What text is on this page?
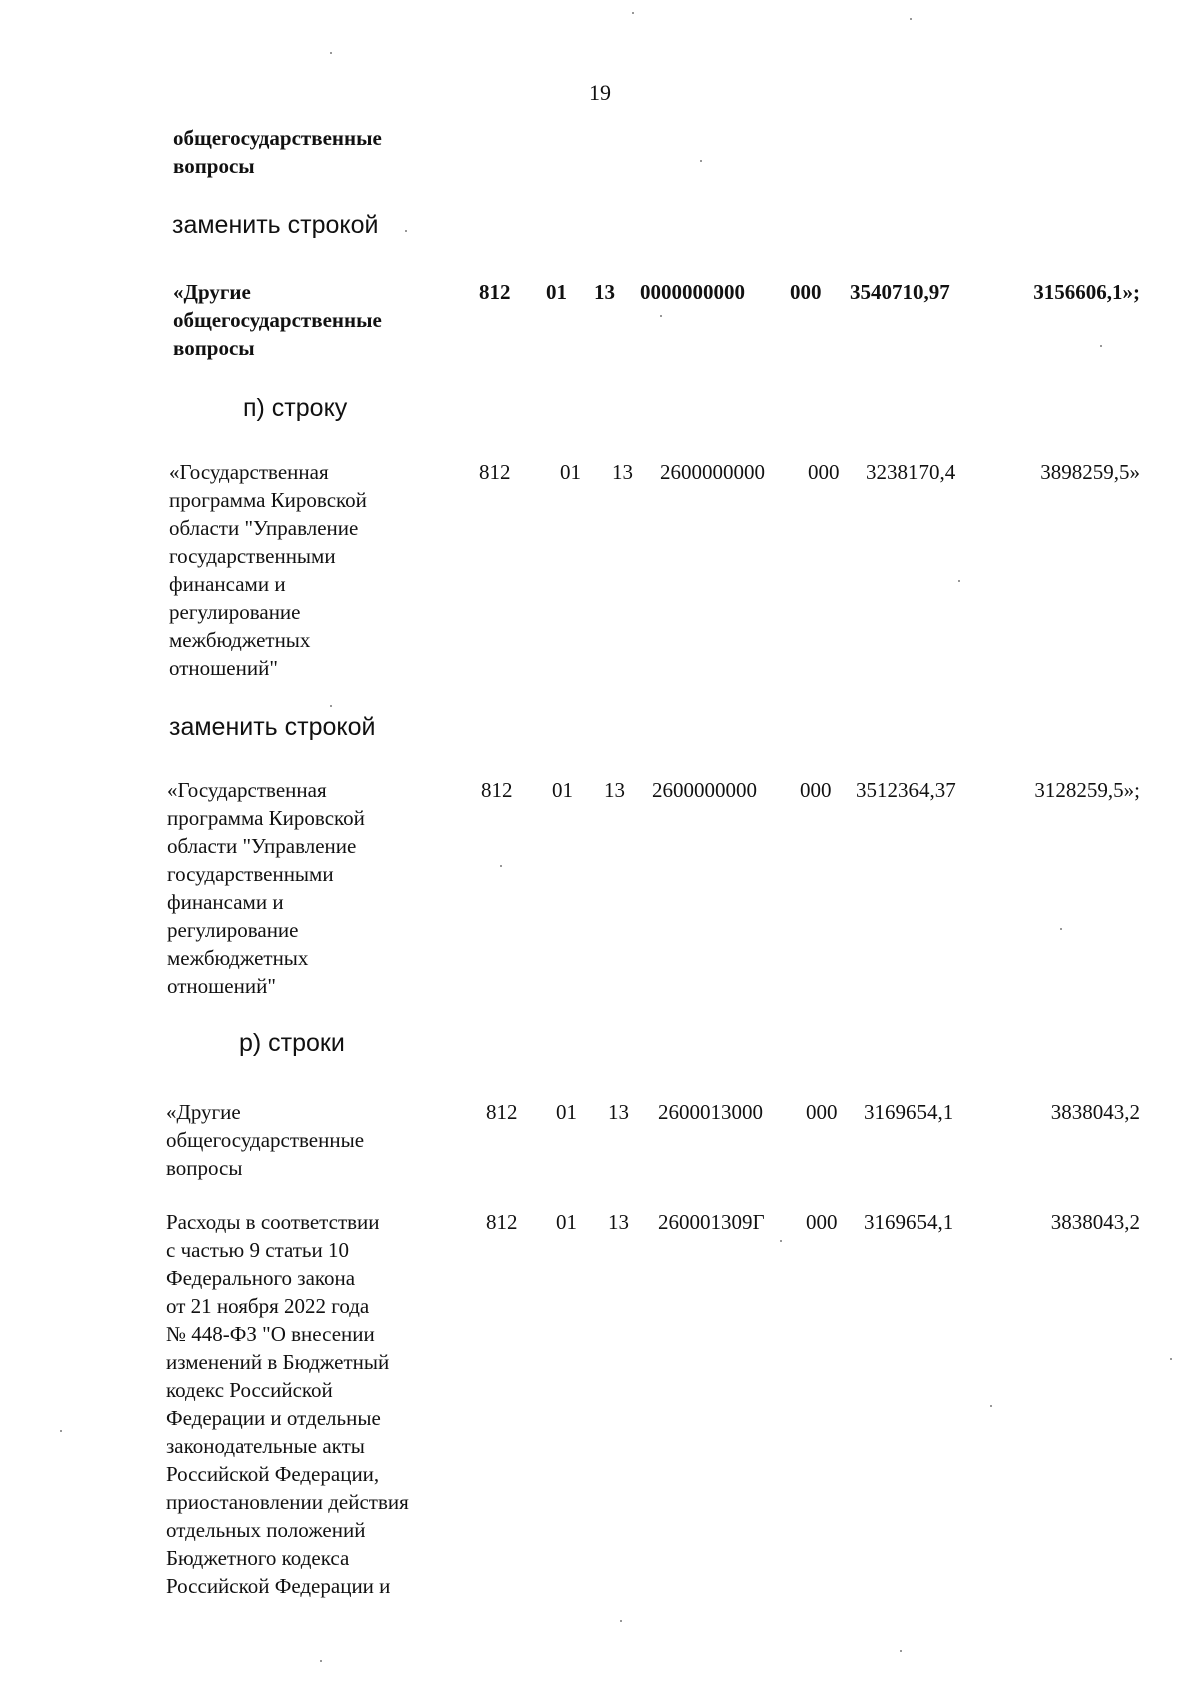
19
общегосударственные
вопросы
заменить строкой
«Другие
общегосударственные
вопросы
812 01 13 0000000000 000 3540710,97	3156606,1»;
п) строку
«Государственная
программа Кировской
области "Управление
государственными
финансами и
регулирование
межбюджетных
отношений"
812 01 13 2600000000 000 3238170,4	3898259,5»
заменить строкой
«Государственная
программа Кировской
области "Управление
государственными
финансами и
регулирование
межбюджетных
отношений"
812 01 13 2600000000 000 3512364,37	3128259,5»;
р) строки
«Другие
общегосударственные
вопросы
812 01 13 2600013000 000 3169654,1	3838043,2
Расходы в соответствии
с частью 9 статьи 10
Федерального закона
от 21 ноября 2022 года
№ 448-ФЗ "О внесении
изменений в Бюджетный
кодекс Российской
Федерации и отдельные
законодательные акты
Российской Федерации,
приостановлении действия
отдельных положений
Бюджетного кодекса
Российской Федерации и
812 01 13 260001309Г 000 3169654,1	3838043,2
